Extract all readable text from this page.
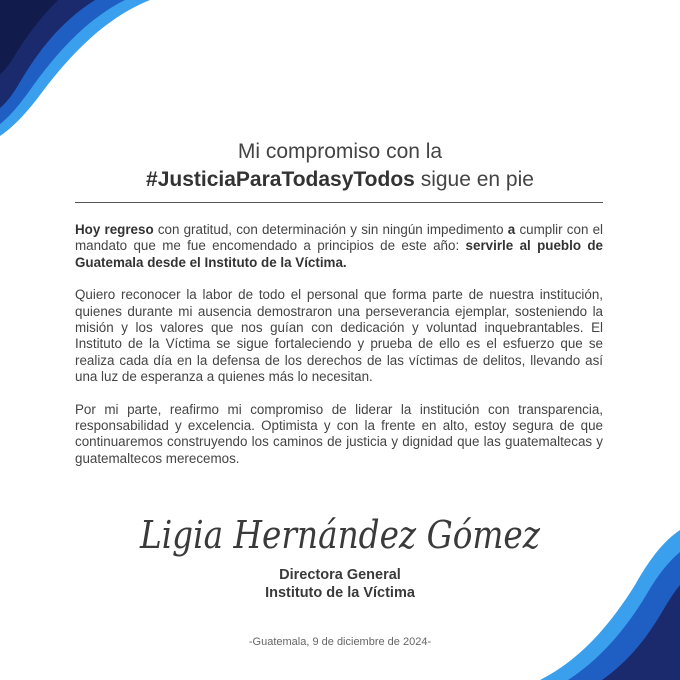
Mi compromiso con la
#JusticiaParaTodasyTodos sigue en pie

Hoy regreso con gratitud, con determinación y sin ningún impedimento a cumplir con el mandato que me fue encomendado a principios de este año: servirle al pueblo de Guatemala desde el Instituto de la Víctima.

Quiero reconocer la labor de todo el personal que forma parte de nuestra institución, quienes durante mi ausencia demostraron una perseverancia ejemplar, sosteniendo la misión y los valores que nos guían con dedicación y voluntad inquebrantables. El Instituto de la Víctima se sigue fortaleciendo y prueba de ello es el esfuerzo que se realiza cada día en la defensa de los derechos de las víctimas de delitos, llevando así una luz de esperanza a quienes más lo necesitan.

Por mi parte, reafirmo mi compromiso de liderar la institución con transparencia, responsabilidad y excelencia. Optimista y con la frente en alto, estoy segura de que continuaremos construyendo los caminos de justicia y dignidad que las guatemaltecas y guatemaltecos merecemos.

Ligia Hernández Gómez
Directora General
Instituto de la Víctima
-Guatemala, 9 de diciembre de 2024-
